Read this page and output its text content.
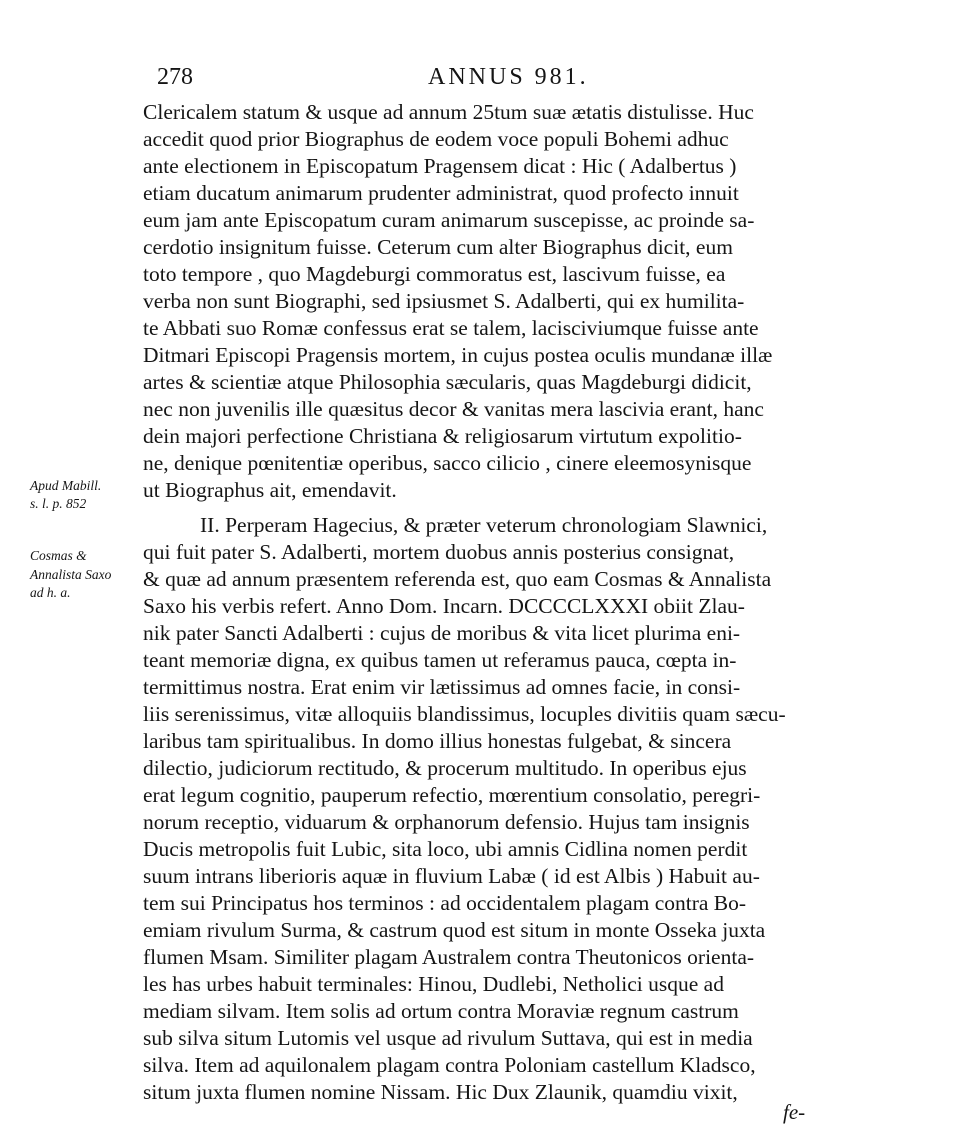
278	ANNUS 981.
Clericalem statum & usque ad annum 25tum suæ ætatis distulisse. Huc
accedit quod prior Biographus de eodem voce populi Bohemi adhuc
ante electionem in Episcopatum Pragensem dicat : Hic ( Adalbertus )
etiam ducatum animarum prudenter administrat, quod profecto innuit
eum jam ante Episcopatum curam animarum suscepisse, ac proinde sa-
cerdotio insignitum fuisse. Ceterum cum alter Biographus dicit, eum
toto tempore , quo Magdeburgi commoratus est, lascivum fuisse, ea
verba non sunt Biographi, sed ipsiusmet S. Adalberti, qui ex humilita-
te Abbati suo Romæ confessus erat se talem, lacisciviumque fuisse ante
Ditmari Episcopi Pragensis mortem, in cujus postea oculis mundanæ illæ
artes & scientiæ atque Philosophia sæcularis, quas Magdeburgi didicit,
nec non juvenilis ille quæsitus decor & vanitas mera lascivia erant, hanc
dein majori perfectione Christiana & religiosarum virtutum expolitio-
ne, denique pœnitentiæ operibus, sacco cilicio , cinere eleemosynisque
ut Biographus ait, emendavit.
II. Perperam Hagecius, & præter veterum chronologiam Slawnici,
qui fuit pater S. Adalberti, mortem duobus annis posterius consignat,
& quæ ad annum præsentem referenda est, quo eam Cosmas & Annalista
Saxo his verbis refert. Anno Dom. Incarn. DCCCCLXXXI obiit Zlau-
nik pater Sancti Adalberti : cujus de moribus & vita licet plurima eni-
teant memoriæ digna, ex quibus tamen ut referamus pauca, cœpta in-
termittimus nostra. Erat enim vir lætissimus ad omnes facie, in consi-
liis serenissimus, vitæ alloquiis blandissimus, locuples divitiis quam sæcu-
laribus tam spiritualibus. In domo illius honestas fulgebat, & sincera
dilectio, judiciorum rectitudo, & procerum multitudo. In operibus ejus
erat legum cognitio, pauperum refectio, mœrentium consolatio, peregri-
norum receptio, viduarum & orphanorum defensio. Hujus tam insignis
Ducis metropolis fuit Lubic, sita loco, ubi amnis Cidlina nomen perdit
suum intrans liberioris aquæ in fluvium Labæ ( id est Albis ) Habuit au-
tem sui Principatus hos terminos : ad occidentalem plagam contra Bo-
emiam rivulum Surma, & castrum quod est situm in monte Osseka juxta
flumen Msam. Similiter plagam Australem contra Theutonicos orienta-
les has urbes habuit terminales: Hinou, Dudlebi, Netholici usque ad
mediam silvam. Item solis ad ortum contra Moraviæ regnum castrum
sub silva situm Lutomis vel usque ad rivulum Suttava, qui est in media
silva. Item ad aquilonalem plagam contra Poloniam castellum Kladsco,
situm juxta flumen nomine Nissam. Hic Dux Zlaunik, quamdiu vixit,
fe-
Apud Mabill.
s. l. p. 852
Cosmas &
Annalista Saxo
ad h. a.
